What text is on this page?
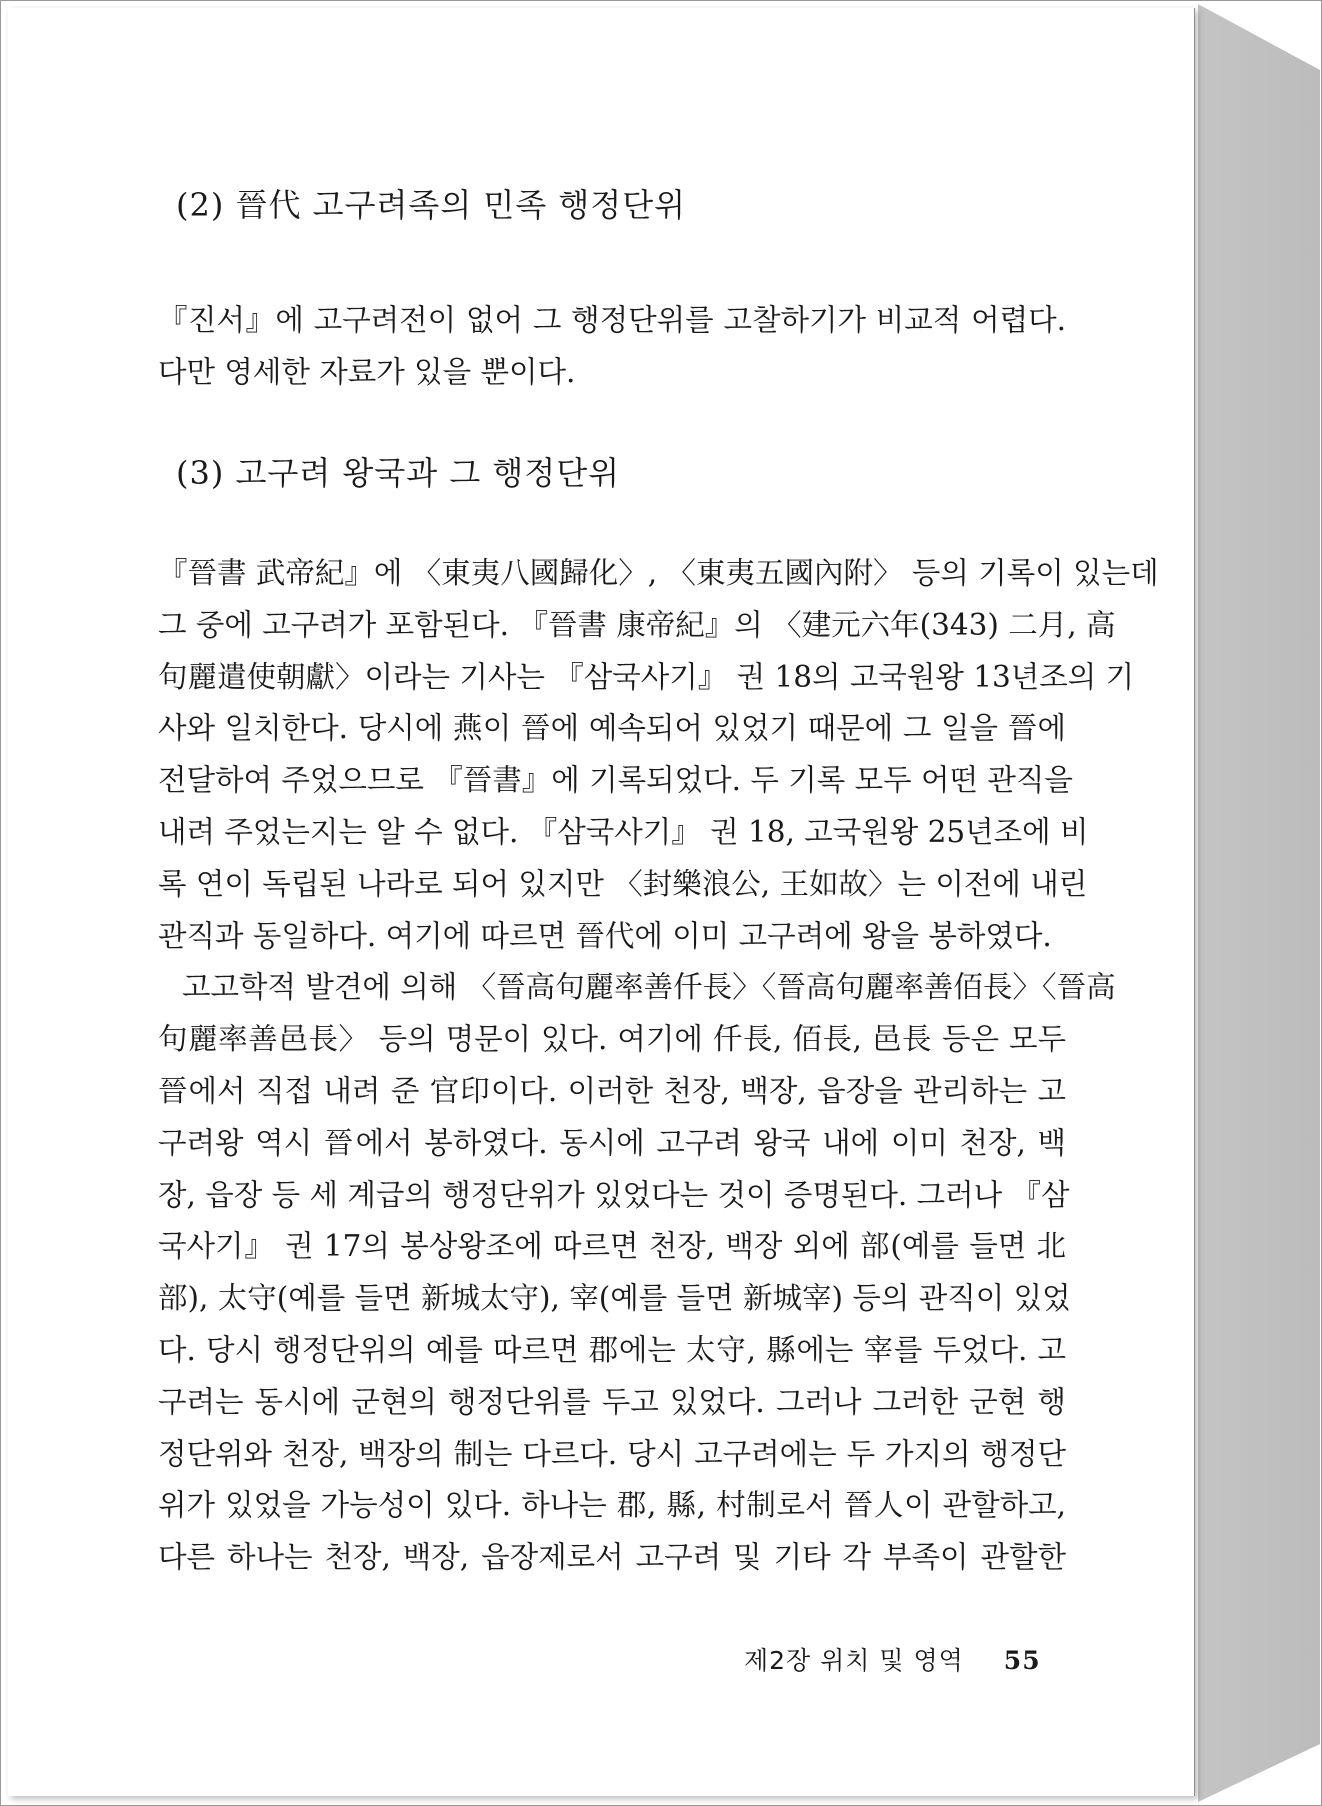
(2) 晉代 고구려족의 민족 행정단위
『진서』에 고구려전이 없어 그 행정단위를 고찰하기가 비교적 어렵다.
다만 영세한 자료가 있을 뿐이다.
(3) 고구려 왕국과 그 행정단위
『晉書 武帝紀』에 〈東夷八國歸化〉, 〈東夷五國內附〉 등의 기록이 있는데
그 중에 고구려가 포함된다. 『晉書 康帝紀』의 〈建元六年(343) 二月, 高
句麗遣使朝獻〉이라는 기사는 『삼국사기』 권 18의 고국원왕 13년조의 기
사와 일치한다. 당시에 燕이 晉에 예속되어 있었기 때문에 그 일을 晉에
전달하여 주었으므로 『晉書』에 기록되었다. 두 기록 모두 어떤 관직을
내려 주었는지는 알 수 없다. 『삼국사기』 권 18, 고국원왕 25년조에 비
록 연이 독립된 나라로 되어 있지만 〈封樂浪公, 王如故〉는 이전에 내린
관직과 동일하다. 여기에 따르면 晉代에 이미 고구려에 왕을 봉하였다.
고고학적 발견에 의해 〈晉高句麗率善仟長〉〈晉高句麗率善佰長〉〈晉高
句麗率善邑長〉 등의 명문이 있다. 여기에 仟長, 佰長, 邑長 등은 모두
晉에서 직접 내려 준 官印이다. 이러한 천장, 백장, 읍장을 관리하는 고
구려왕 역시 晉에서 봉하였다. 동시에 고구려 왕국 내에 이미 천장, 백
장, 읍장 등 세 계급의 행정단위가 있었다는 것이 증명된다. 그러나 『삼
국사기』 권 17의 봉상왕조에 따르면 천장, 백장 외에 部(예를 들면 北
部), 太守(예를 들면 新城太守), 宰(예를 들면 新城宰) 등의 관직이 있었
다. 당시 행정단위의 예를 따르면 郡에는 太守, 縣에는 宰를 두었다. 고
구려는 동시에 군현의 행정단위를 두고 있었다. 그러나 그러한 군현 행
정단위와 천장, 백장의 制는 다르다. 당시 고구려에는 두 가지의 행정단
위가 있었을 가능성이 있다. 하나는 郡, 縣, 村制로서 晉人이 관할하고,
다른 하나는 천장, 백장, 읍장제로서 고구려 및 기타 각 부족이 관할한
제2장 위치 및 영역 55
